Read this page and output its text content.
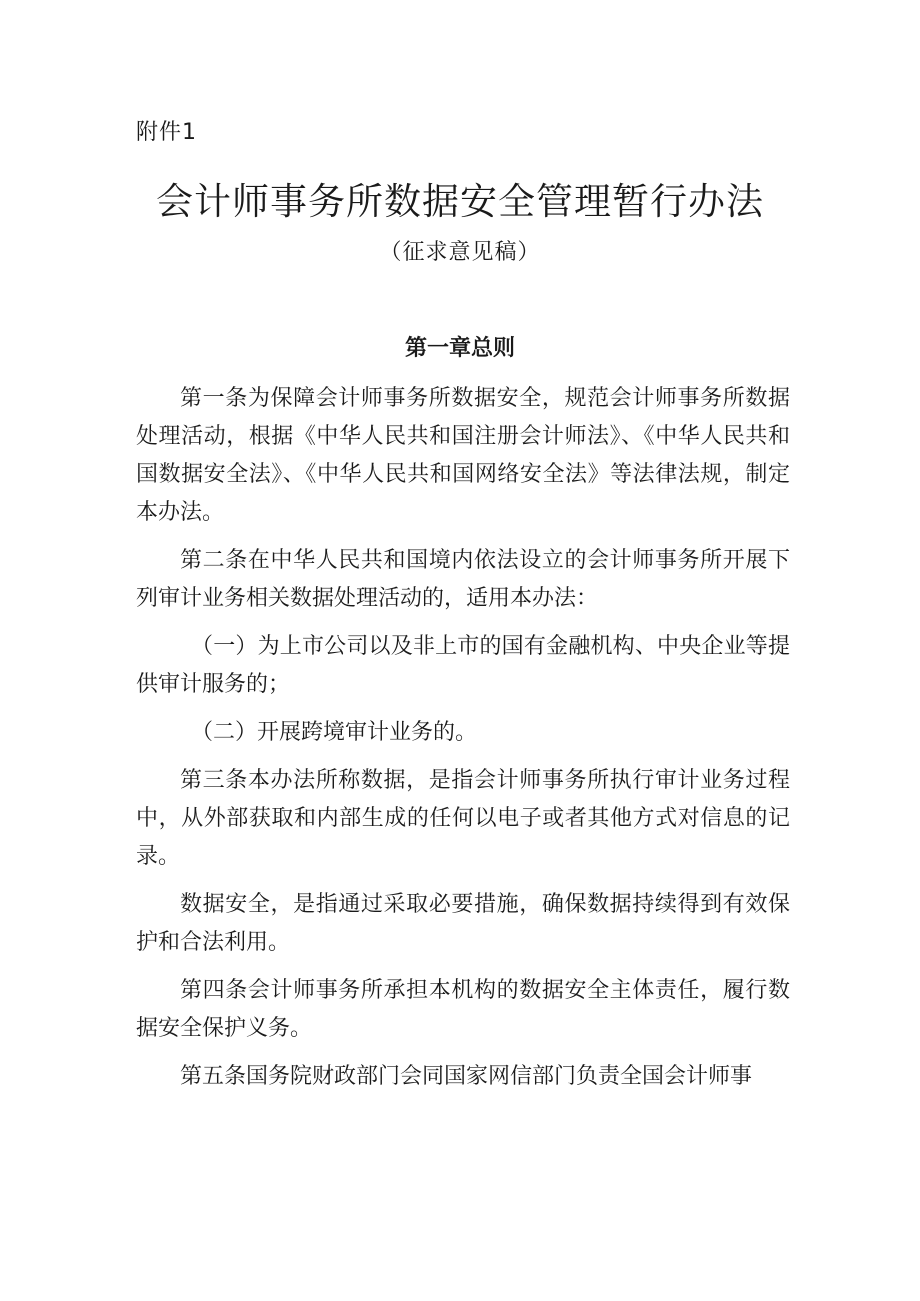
附件1
会计师事务所数据安全管理暂行办法
（征求意见稿）
第一章总则

第一条为保障会计师事务所数据安全，规范会计师事务所数据处理活动，根据《中华人民共和国注册会计师法》、《中华人民共和国数据安全法》、《中华人民共和国网络安全法》等法律法规，制定本办法。

第二条在中华人民共和国境内依法设立的会计师事务所开展下列审计业务相关数据处理活动的，适用本办法：

（一）为上市公司以及非上市的国有金融机构、中央企业等提供审计服务的；

（二）开展跨境审计业务的。

第三条本办法所称数据，是指会计师事务所执行审计业务过程中，从外部获取和内部生成的任何以电子或者其他方式对信息的记录。

数据安全，是指通过采取必要措施，确保数据持续得到有效保护和合法利用。

第四条会计师事务所承担本机构的数据安全主体责任，履行数据安全保护义务。

第五条国务院财政部门会同国家网信部门负责全国会计师事
